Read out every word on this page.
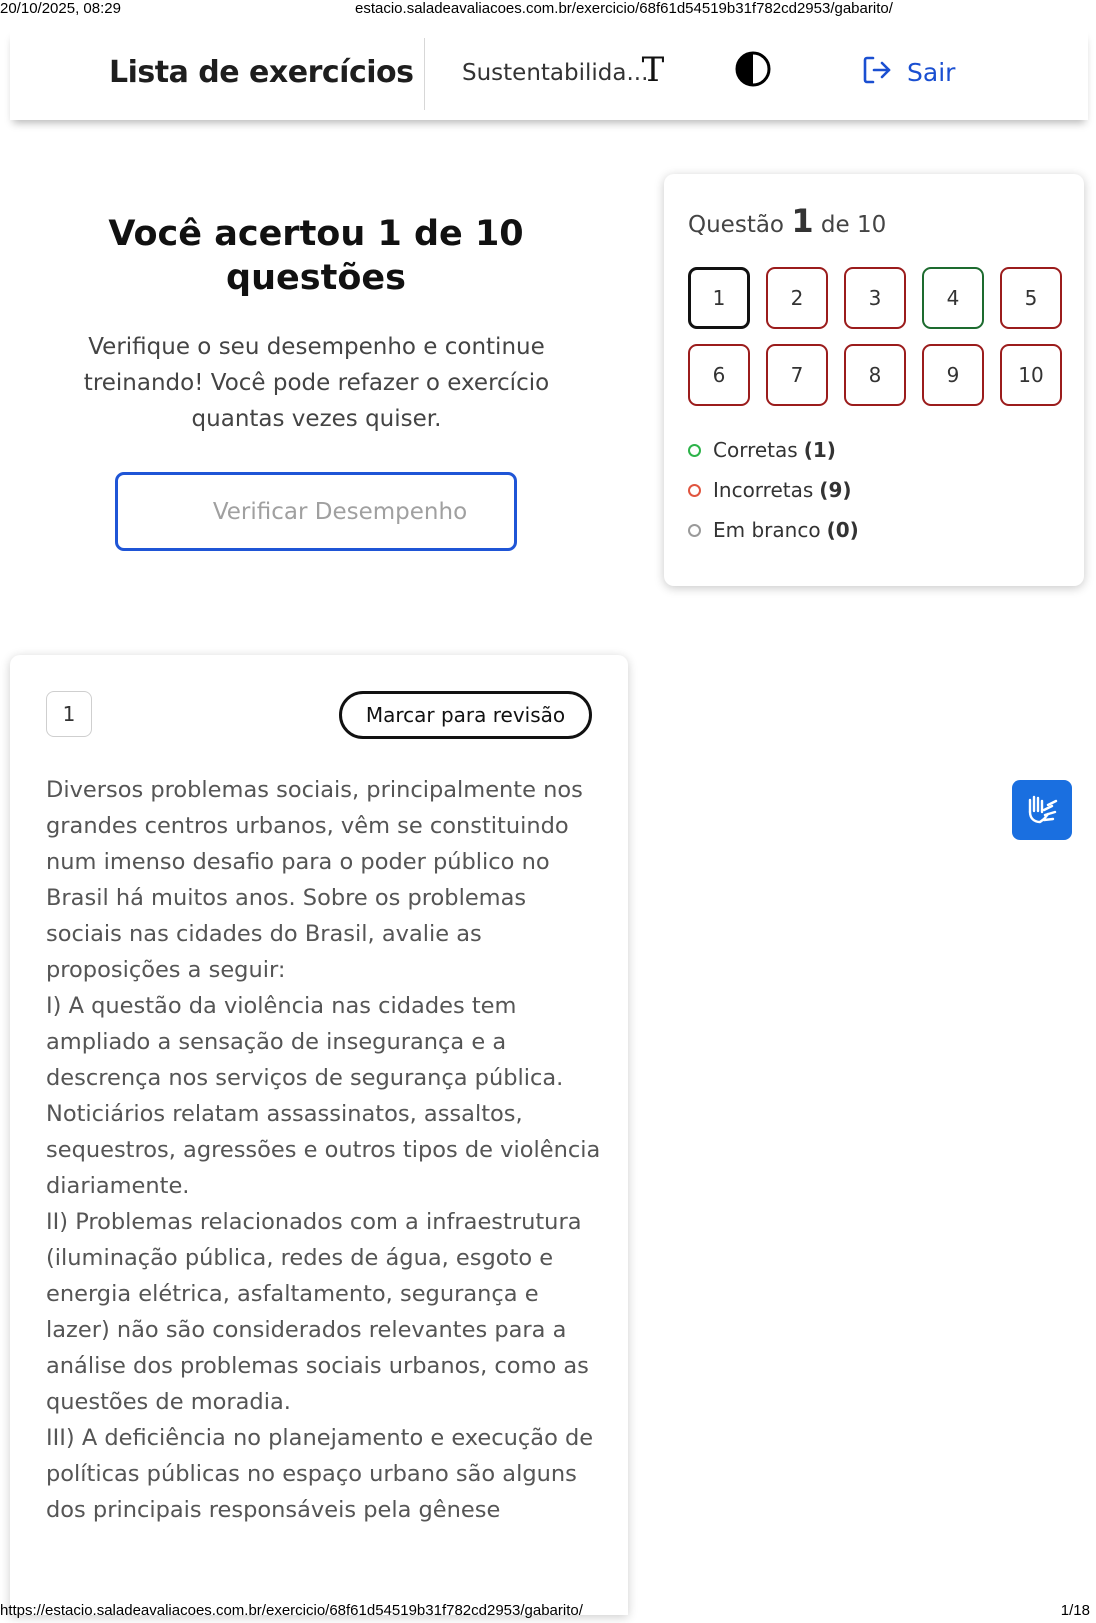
20/10/2025, 08:29	estacio.saladeavaliacoes.com.br/exercicio/68f61d54519b31f782cd2953/gabarito/
Lista de exercícios Sustentabilida...
T	Sair
Você acertou 1 de 10 questões
Verifique o seu desempenho e continue treinando! Você pode refazer o exercício quantas vezes quiser.
Verificar Desempenho
Questão 1 de 10
1	2	3	4	5
6	7	8	9	10
Corretas (1)
Incorretas (9)
Em branco (0)
1	Marcar para revisão

Diversos problemas sociais, principalmente nos grandes centros urbanos, vêm se constituindo num imenso desafio para o poder público no Brasil há muitos anos. Sobre os problemas sociais nas cidades do Brasil, avalie as proposições a seguir:
I) A questão da violência nas cidades tem ampliado a sensação de insegurança e a descrença nos serviços de segurança pública. Noticiários relatam assassinatos, assaltos, sequestros, agressões e outros tipos de violência diariamente.
II) Problemas relacionados com a infraestrutura (iluminação pública, redes de água, esgoto e energia elétrica, asfaltamento, segurança e lazer) não são considerados relevantes para a análise dos problemas sociais urbanos, como as questões de moradia.
III) A deficiência no planejamento e execução de políticas públicas no espaço urbano são alguns dos principais responsáveis pela gênese

https://estacio.saladeavaliacoes.com.br/exercicio/68f61d54519b31f782cd2953/gabarito/	1/18
